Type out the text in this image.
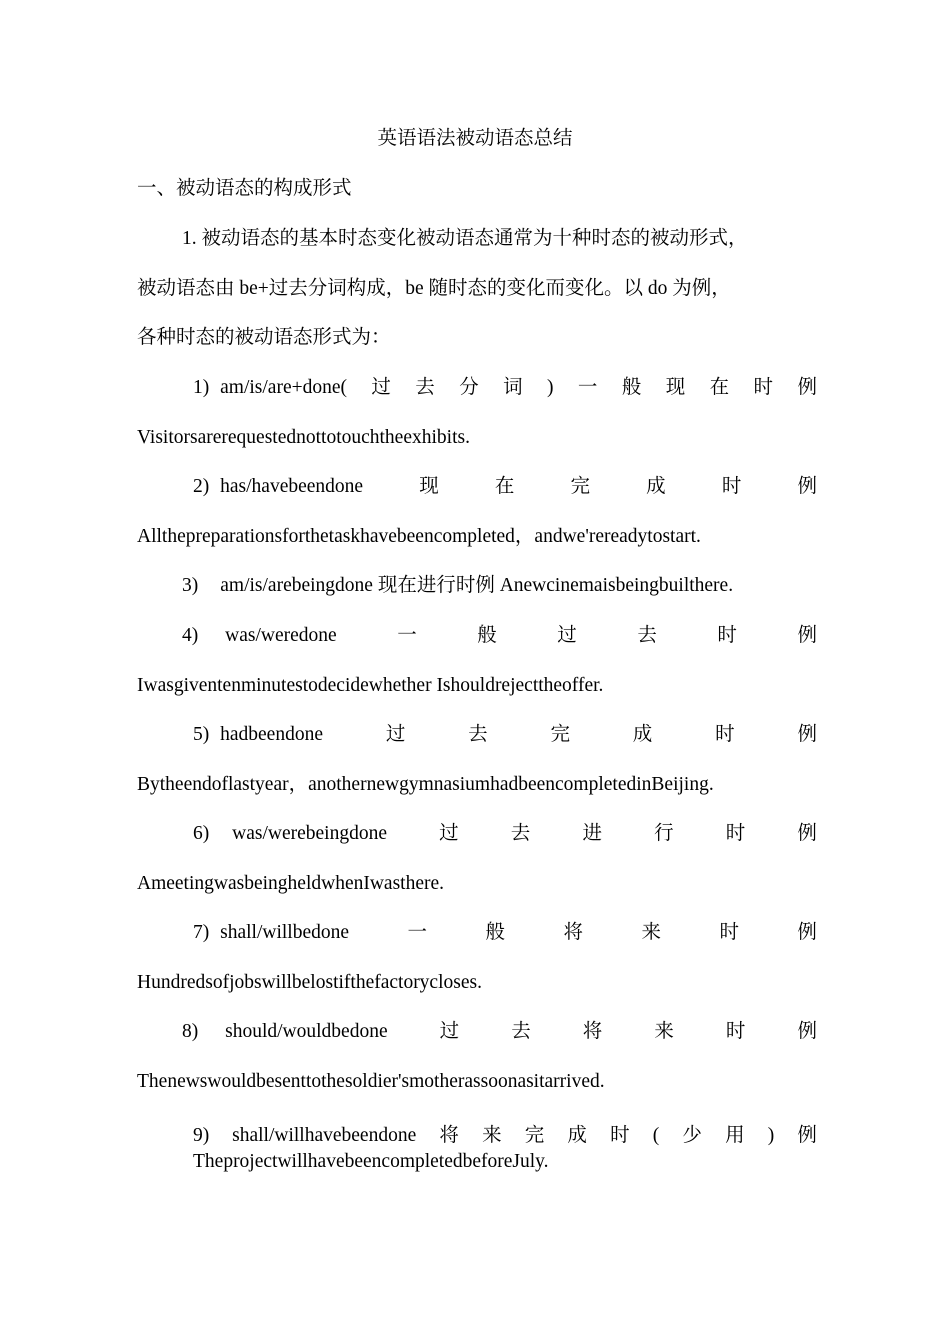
英语语法被动语态总结
一、被动语态的构成形式
1. 被动语态的基本时态变化被动语态通常为十种时态的被动形式，
被动语态由 be+过去分词构成，be 随时态的变化而变化。以 do 为例，
各种时态的被动语态形式为：
1) am/is/are+done( 过 去 分 词 ) 一 般 现 在 时 例
Visitorsarerequestednottotouchtheexhibits.
2) has/havebeendone	现	在	完	成	时	例
Allthepreparationsforthetaskhavebeencompleted，andwe'rereadytostart.
3) am/is/arebeingdone 现在进行时例 Anewcinemaisbeingbuilthere.
4) was/weredone	一	般	过	去	时	例
Iwasgiventenminutestodecidewhether Ishouldrejecttheoffer.
5) hadbeendone	过	去	完	成	时	例
Bytheendoflastyear，anothernewgymnasiumhadbeencompletedinBeijing.
6) was/werebeingdone	过	去	进	行	时	例
AmeetingwasbeingheldwhenIwasthere.
7) shall/willbedone	一	般	将	来	时	例
Hundredsofjobswillbelostifthefactorycloses.
8) should/wouldbedone	过	去	将	来	时	例
Thenewswouldbesenttothesoldier'smotherassoonasitarrived.
9) shall/willhavebeendone 将 来 完 成 时 ( 少 用 ) 例
TheprojectwillhavebeencompletedbeforeJuly.
